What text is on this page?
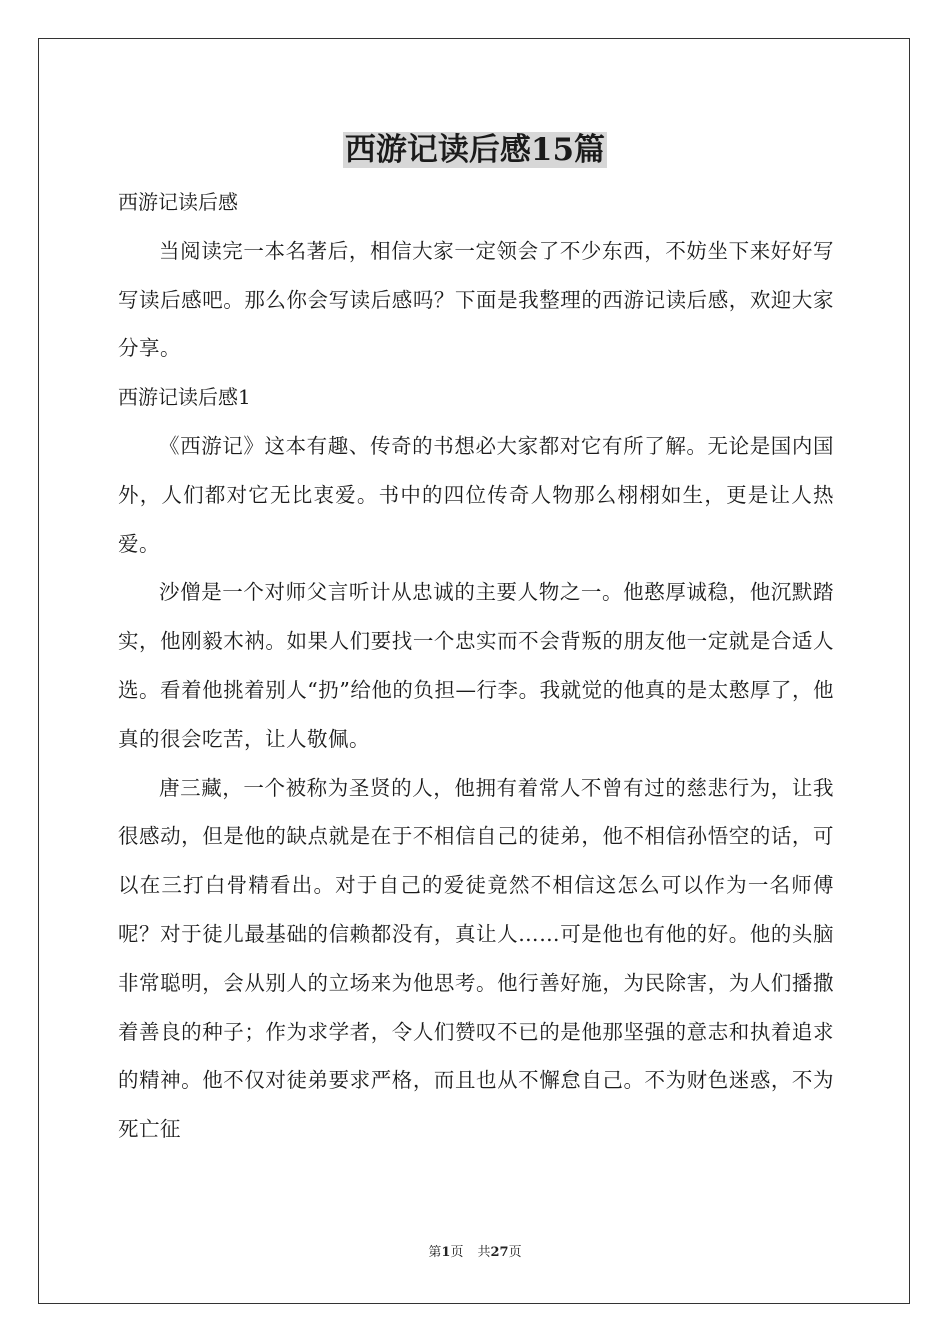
西游记读后感15篇

西游记读后感

当阅读完一本名著后，相信大家一定领会了不少东西，不妨坐下来好好写写读后感吧。那么你会写读后感吗？下面是我整理的西游记读后感，欢迎大家分享。

西游记读后感1

《西游记》这本有趣、传奇的书想必大家都对它有所了解。无论是国内国外，人们都对它无比衷爱。书中的四位传奇人物那么栩栩如生，更是让人热爱。

沙僧是一个对师父言听计从忠诚的主要人物之一。他憨厚诚稳，他沉默踏实，他刚毅木衲。如果人们要找一个忠实而不会背叛的朋友他一定就是合适人选。看着他挑着别人“扔”给他的负担—行李。我就觉的他真的是太憨厚了，他真的很会吃苦，让人敬佩。

唐三藏，一个被称为圣贤的人，他拥有着常人不曾有过的慈悲行为，让我很感动，但是他的缺点就是在于不相信自己的徒弟，他不相信孙悟空的话，可以在三打白骨精看出。对于自己的爱徒竟然不相信这怎么可以作为一名师傅呢？对于徒儿最基础的信赖都没有，真让人……可是他也有他的好。他的头脑非常聪明，会从别人的立场来为他思考。他行善好施，为民除害，为人们播撒着善良的种子；作为求学者，令人们赞叹不已的是他那坚强的意志和执着追求的精神。他不仅对徒弟要求严格，而且也从不懈怠自己。不为财色迷惑，不为死亡征

第1页 共27页
